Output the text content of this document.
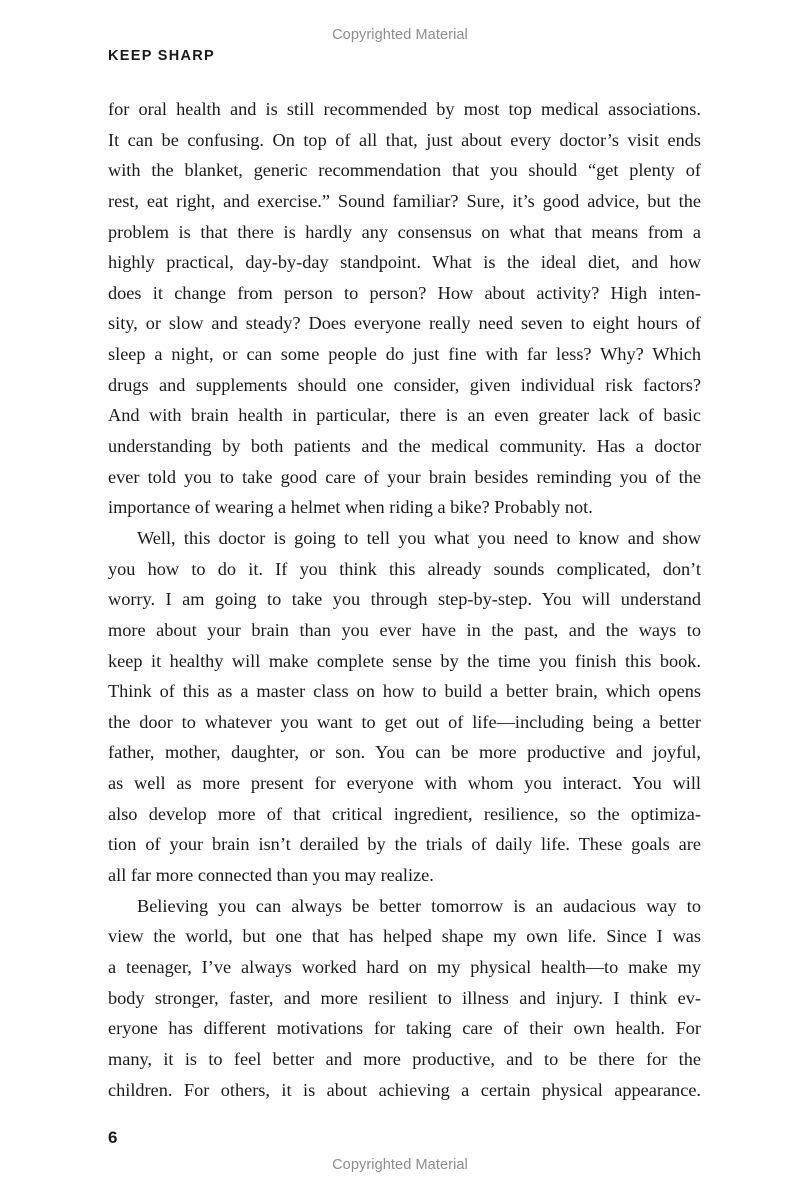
Copyrighted Material
KEEP SHARP
for oral health and is still recommended by most top medical associations.
It can be confusing. On top of all that, just about every doctor’s visit ends
with the blanket, generic recommendation that you should “get plenty of
rest, eat right, and exercise.” Sound familiar? Sure, it’s good advice, but the
problem is that there is hardly any consensus on what that means from a
highly practical, day-by-day standpoint. What is the ideal diet, and how
does it change from person to person? How about activity? High inten-
sity, or slow and steady? Does everyone really need seven to eight hours of
sleep a night, or can some people do just fine with far less? Why? Which
drugs and supplements should one consider, given individual risk factors?
And with brain health in particular, there is an even greater lack of basic
understanding by both patients and the medical community. Has a doctor
ever told you to take good care of your brain besides reminding you of the
importance of wearing a helmet when riding a bike? Probably not.
Well, this doctor is going to tell you what you need to know and show
you how to do it. If you think this already sounds complicated, don’t
worry. I am going to take you through step-by-step. You will understand
more about your brain than you ever have in the past, and the ways to
keep it healthy will make complete sense by the time you finish this book.
Think of this as a master class on how to build a better brain, which opens
the door to whatever you want to get out of life—including being a better
father, mother, daughter, or son. You can be more productive and joyful,
as well as more present for everyone with whom you interact. You will
also develop more of that critical ingredient, resilience, so the optimiza-
tion of your brain isn’t derailed by the trials of daily life. These goals are
all far more connected than you may realize.
Believing you can always be better tomorrow is an audacious way to
view the world, but one that has helped shape my own life. Since I was
a teenager, I’ve always worked hard on my physical health—to make my
body stronger, faster, and more resilient to illness and injury. I think ev-
eryone has different motivations for taking care of their own health. For
many, it is to feel better and more productive, and to be there for the
children. For others, it is about achieving a certain physical appearance.
6
Copyrighted Material
